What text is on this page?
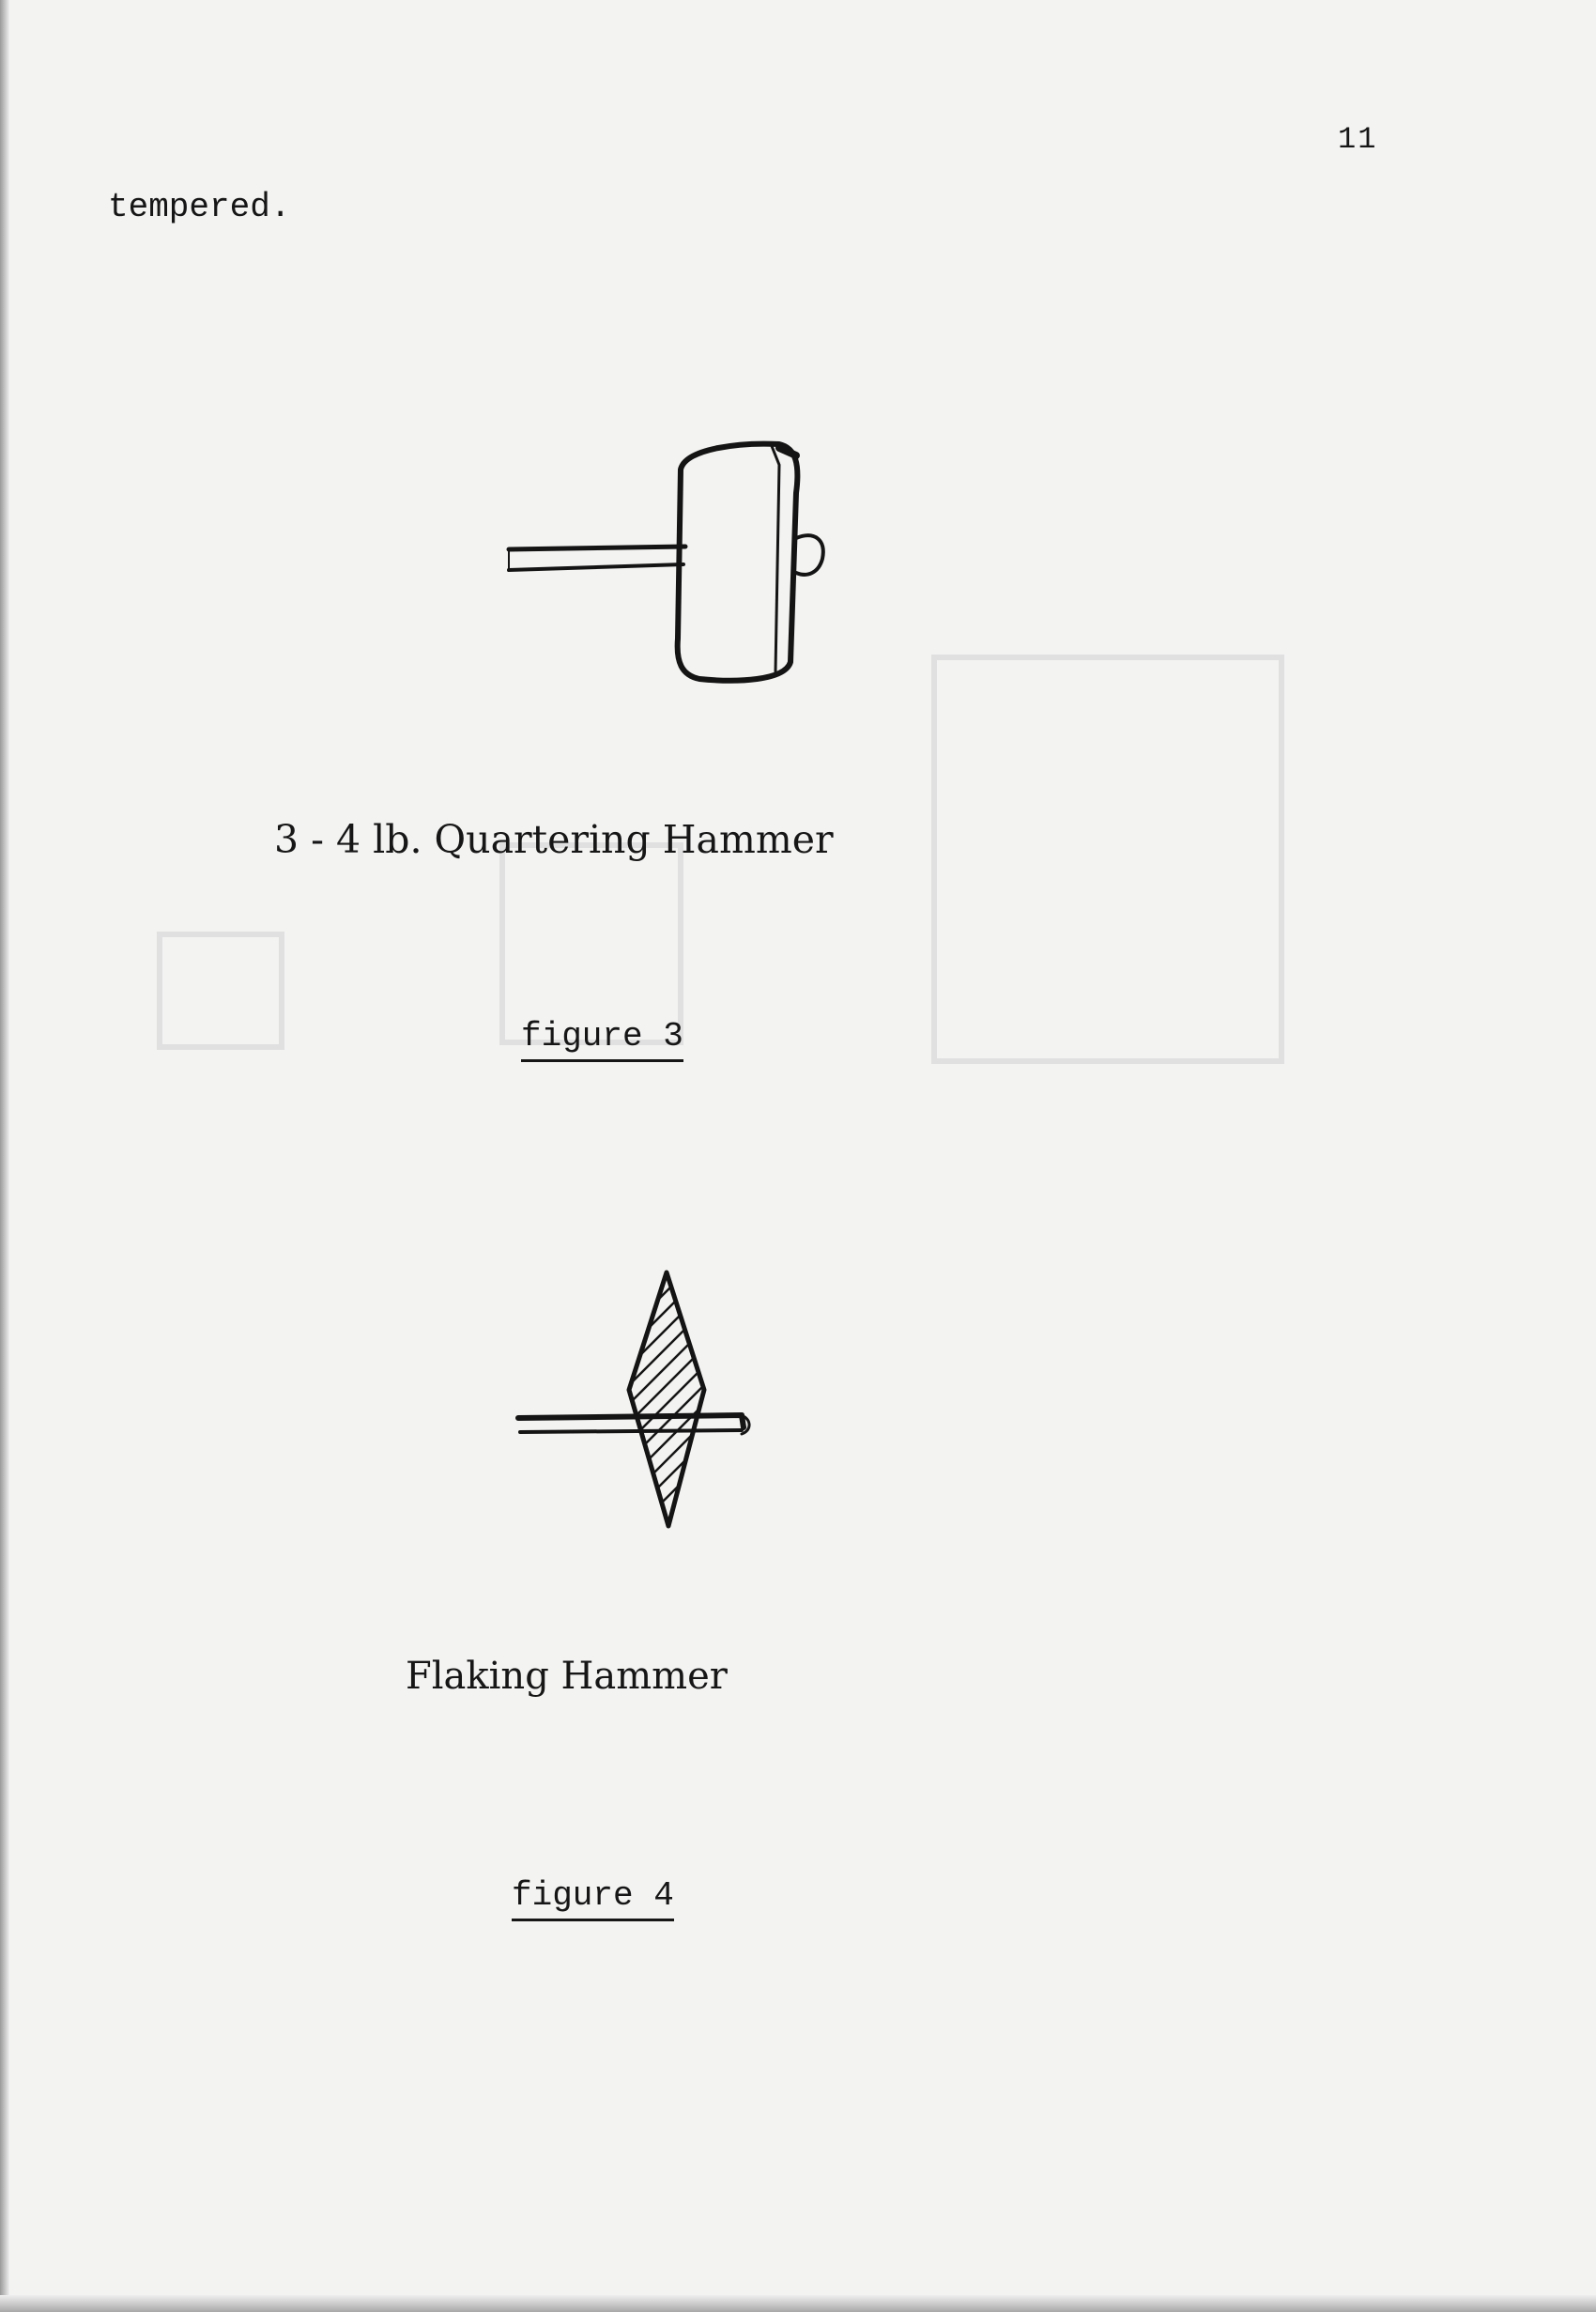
11
tempered.
3 - 4 lb. Quartering Hammer
figure 3
Flaking Hammer
figure 4
